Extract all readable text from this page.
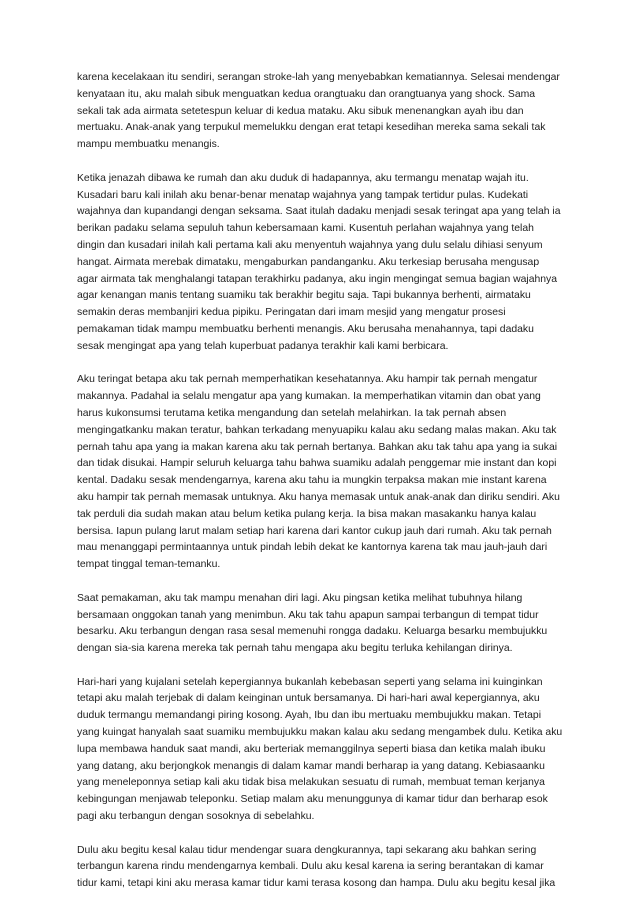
karena kecelakaan itu sendiri, serangan stroke-lah yang menyebabkan kematiannya. Selesai mendengar
kenyataan itu, aku malah sibuk menguatkan kedua orangtuaku dan orangtuanya yang shock. Sama
sekali tak ada airmata setetespun keluar di kedua mataku. Aku sibuk menenangkan ayah ibu dan
mertuaku. Anak-anak yang terpukul memelukku dengan erat tetapi kesedihan mereka sama sekali tak
mampu membuatku menangis.

Ketika jenazah dibawa ke rumah dan aku duduk di hadapannya, aku termangu menatap wajah itu.
Kusadari baru kali inilah aku benar-benar menatap wajahnya yang tampak tertidur pulas. Kudekati
wajahnya dan kupandangi dengan seksama. Saat itulah dadaku menjadi sesak teringat apa yang telah ia
berikan padaku selama sepuluh tahun kebersamaan kami. Kusentuh perlahan wajahnya yang telah
dingin dan kusadari inilah kali pertama kali aku menyentuh wajahnya yang dulu selalu dihiasi senyum
hangat. Airmata merebak dimataku, mengaburkan pandanganku. Aku terkesiap berusaha mengusap
agar airmata tak menghalangi tatapan terakhirku padanya, aku ingin mengingat semua bagian wajahnya
agar kenangan manis tentang suamiku tak berakhir begitu saja. Tapi bukannya berhenti, airmataku
semakin deras membanjiri kedua pipiku. Peringatan dari imam mesjid yang mengatur prosesi
pemakaman tidak mampu membuatku berhenti menangis. Aku berusaha menahannya, tapi dadaku
sesak mengingat apa yang telah kuperbuat padanya terakhir kali kami berbicara.

Aku teringat betapa aku tak pernah memperhatikan kesehatannya. Aku hampir tak pernah mengatur
makannya. Padahal ia selalu mengatur apa yang kumakan. Ia memperhatikan vitamin dan obat yang
harus kukonsumsi terutama ketika mengandung dan setelah melahirkan. Ia tak pernah absen
mengingatkanku makan teratur, bahkan terkadang menyuapiku kalau aku sedang malas makan. Aku tak
pernah tahu apa yang ia makan karena aku tak pernah bertanya. Bahkan aku tak tahu apa yang ia sukai
dan tidak disukai. Hampir seluruh keluarga tahu bahwa suamiku adalah penggemar mie instant dan kopi
kental. Dadaku sesak mendengarnya, karena aku tahu ia mungkin terpaksa makan mie instant karena
aku hampir tak pernah memasak untuknya. Aku hanya memasak untuk anak-anak dan diriku sendiri. Aku
tak perduli dia sudah makan atau belum ketika pulang kerja. Ia bisa makan masakanku hanya kalau
bersisa. Iapun pulang larut malam setiap hari karena dari kantor cukup jauh dari rumah. Aku tak pernah
mau menanggapi permintaannya untuk pindah lebih dekat ke kantornya karena tak mau jauh-jauh dari
tempat tinggal teman-temanku.

Saat pemakaman, aku tak mampu menahan diri lagi. Aku pingsan ketika melihat tubuhnya hilang
bersamaan onggokan tanah yang menimbun. Aku tak tahu apapun sampai terbangun di tempat tidur
besarku. Aku terbangun dengan rasa sesal memenuhi rongga dadaku. Keluarga besarku membujukku
dengan sia-sia karena mereka tak pernah tahu mengapa aku begitu terluka kehilangan dirinya.

Hari-hari yang kujalani setelah kepergiannya bukanlah kebebasan seperti yang selama ini kuinginkan
tetapi aku malah terjebak di dalam keinginan untuk bersamanya. Di hari-hari awal kepergiannya, aku
duduk termangu memandangi piring kosong. Ayah, Ibu dan ibu mertuaku membujukku makan. Tetapi
yang kuingat hanyalah saat suamiku membujukku makan kalau aku sedang mengambek dulu. Ketika aku
lupa membawa handuk saat mandi, aku berteriak memanggilnya seperti biasa dan ketika malah ibuku
yang datang, aku berjongkok menangis di dalam kamar mandi berharap ia yang datang. Kebiasaanku
yang meneleponnya setiap kali aku tidak bisa melakukan sesuatu di rumah, membuat teman kerjanya
kebingungan menjawab teleponku. Setiap malam aku menunggunya di kamar tidur dan berharap esok
pagi aku terbangun dengan sosoknya di sebelahku.

Dulu aku begitu kesal kalau tidur mendengar suara dengkurannya, tapi sekarang aku bahkan sering
terbangun karena rindu mendengarnya kembali. Dulu aku kesal karena ia sering berantakan di kamar
tidur kami, tetapi kini aku merasa kamar tidur kami terasa kosong dan hampa. Dulu aku begitu kesal jika
